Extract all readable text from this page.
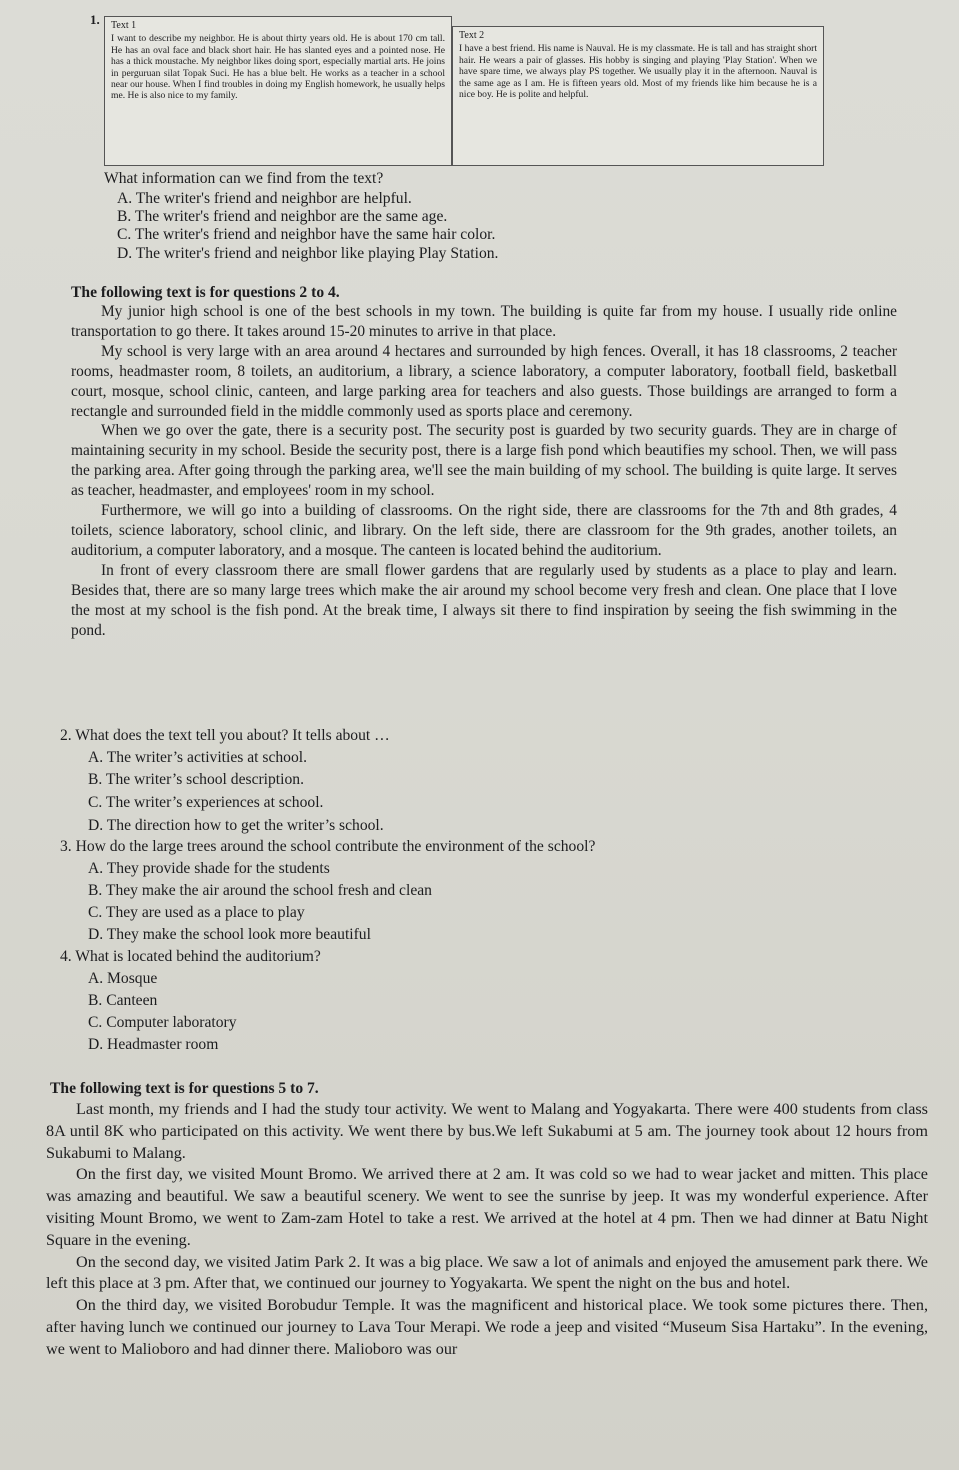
1. Text 1
I want to describe my neighbor. He is about thirty years old. He is about 170 cm tall. He has an oval face and black short hair. He has slanted eyes and a pointed nose. He has a thick moustache. My neighbor likes doing sport, especially martial arts. He joins in perguruan silat Topak Suci. He has a blue belt. He works as a teacher in a school near our house. When I find troubles in doing my English homework, he usually helps me. He is also nice to my family.
Text 2
I have a best friend. His name is Nauval. He is my classmate. He is tall and has straight short hair. He wears a pair of glasses. His hobby is singing and playing 'Play Station'. When we have spare time, we always play PS together. We usually play it in the afternoon. Nauval is the same age as I am. He is fifteen years old. Most of my friends like him because he is a nice boy. He is polite and helpful.
What information can we find from the text?
A. The writer's friend and neighbor are helpful.
B. The writer's friend and neighbor are the same age.
C. The writer's friend and neighbor have the same hair color.
D. The writer's friend and neighbor like playing Play Station.
The following text is for questions 2 to 4.

My junior high school is one of the best schools in my town. The building is quite far from my house. I usually ride online transportation to go there. It takes around 15-20 minutes to arrive in that place.

My school is very large with an area around 4 hectares and surrounded by high fences. Overall, it has 18 classrooms, 2 teacher rooms, headmaster room, 8 toilets, an auditorium, a library, a science laboratory, a computer laboratory, football field, basketball court, mosque, school clinic, canteen, and large parking area for teachers and also guests. Those buildings are arranged to form a rectangle and surrounded field in the middle commonly used as sports place and ceremony.

When we go over the gate, there is a security post. The security post is guarded by two security guards. They are in charge of maintaining security in my school. Beside the security post, there is a large fish pond which beautifies my school. Then, we will pass the parking area. After going through the parking area, we'll see the main building of my school. The building is quite large. It serves as teacher, headmaster, and employees' room in my school.

Furthermore, we will go into a building of classrooms. On the right side, there are classrooms for the 7th and 8th grades, 4 toilets, science laboratory, school clinic, and library. On the left side, there are classroom for the 9th grades, another toilets, an auditorium, a computer laboratory, and a mosque. The canteen is located behind the auditorium.

In front of every classroom there are small flower gardens that are regularly used by students as a place to play and learn. Besides that, there are so many large trees which make the air around my school become very fresh and clean. One place that I love the most at my school is the fish pond. At the break time, I always sit there to find inspiration by seeing the fish swimming in the pond.

2. What does the text tell you about? It tells about …
A. The writer’s activities at school.
B. The writer’s school description.
C. The writer’s experiences at school.
D. The direction how to get the writer’s school.
3. How do the large trees around the school contribute the environment of the school?
A. They provide shade for the students
B. They make the air around the school fresh and clean
C. They are used as a place to play
D. They make the school look more beautiful
4. What is located behind the auditorium?
A. Mosque
B. Canteen
C. Computer laboratory
D. Headmaster room
The following text is for questions 5 to 7.

Last month, my friends and I had the study tour activity. We went to Malang and Yogyakarta. There were 400 students from class 8A until 8K who participated on this activity. We went there by bus.We left Sukabumi at 5 am. The journey took about 12 hours from Sukabumi to Malang.

On the first day, we visited Mount Bromo. We arrived there at 2 am. It was cold so we had to wear jacket and mitten. This place was amazing and beautiful. We saw a beautiful scenery. We went to see the sunrise by jeep. It was my wonderful experience. After visiting Mount Bromo, we went to Zam-zam Hotel to take a rest. We arrived at the hotel at 4 pm. Then we had dinner at Batu Night Square in the evening.

On the second day, we visited Jatim Park 2. It was a big place. We saw a lot of animals and enjoyed the amusement park there. We left this place at 3 pm. After that, we continued our journey to Yogyakarta. We spent the night on the bus and hotel.

On the third day, we visited Borobudur Temple. It was the magnificent and historical place. We took some pictures there. Then, after having lunch we continued our journey to Lava Tour Merapi. We rode a jeep and visited “Museum Sisa Hartaku”. In the evening, we went to Malioboro and had dinner there. Malioboro was our
